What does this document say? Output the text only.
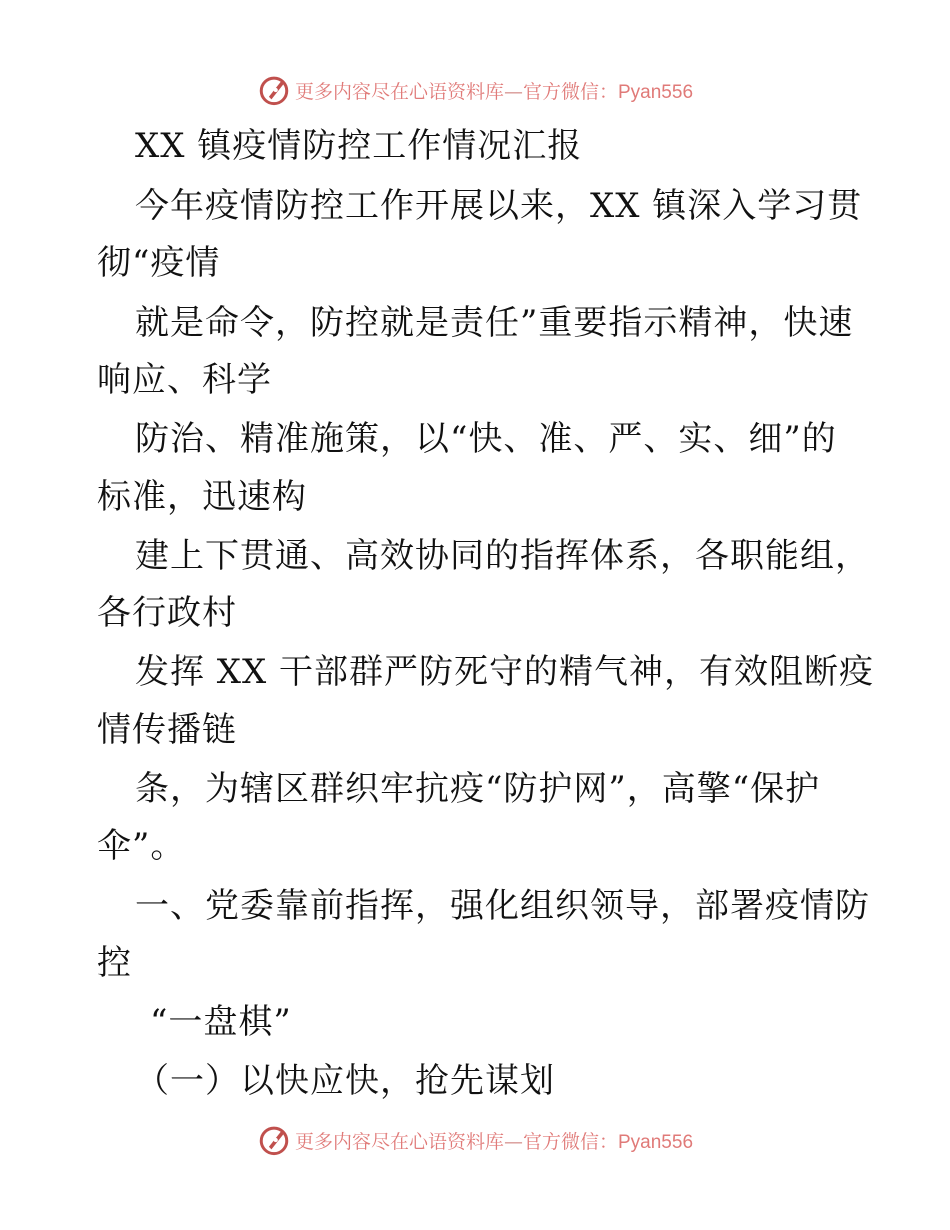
更多内容尽在心语资料库—官方微信：Pyan556
XX 镇疫情防控工作情况汇报
今年疫情防控工作开展以来，XX 镇深入学习贯
彻“疫情
就是命令，防控就是责任”重要指示精神，快速
响应、科学
防治、精准施策，以“快、准、严、实、细”的
标准，迅速构
建上下贯通、高效协同的指挥体系，各职能组，
各行政村
发挥 XX 干部群严防死守的精气神，有效阻断疫
情传播链
条，为辖区群织牢抗疫“防护网”，高擎“保护
伞”。
一、党委靠前指挥，强化组织领导，部署疫情防
控
“一盘棋”
（一）以快应快，抢先谋划
更多内容尽在心语资料库—官方微信：Pyan556
